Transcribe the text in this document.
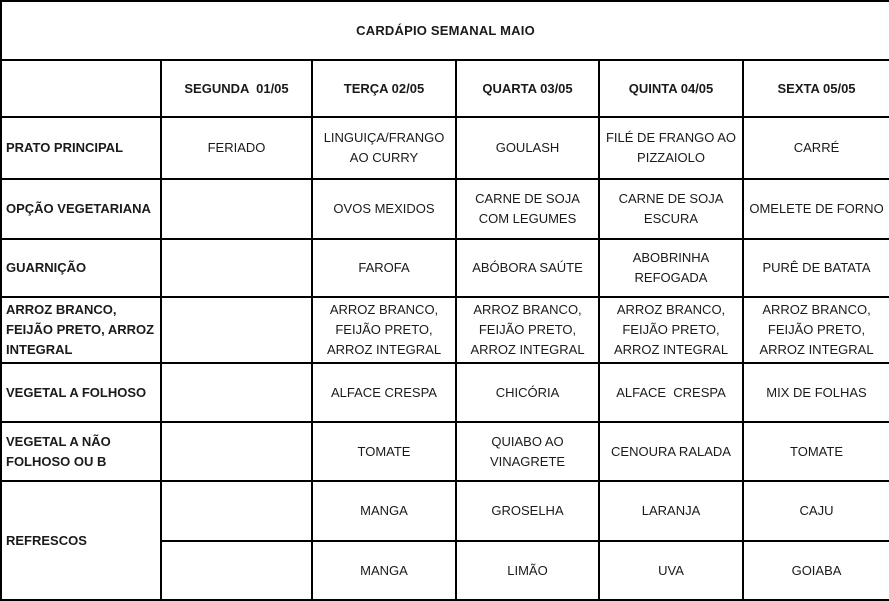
CARDÁPIO SEMANAL MAIO					
	SEGUNDA  01/05	TERÇA 02/05	QUARTA 03/05	QUINTA 04/05	SEXTA 05/05
PRATO PRINCIPAL	FERIADO	LINGUIÇA/FRANGO AO CURRY	GOULASH	FILÉ DE FRANGO AO PIZZAIOLO	CARRÉ
OPÇÃO VEGETARIANA		OVOS MEXIDOS	CARNE DE SOJA COM LEGUMES	CARNE DE SOJA ESCURA	OMELETE DE FORNO
GUARNIÇÃO		FAROFA	ABÓBORA SAÚTE	ABOBRINHA REFOGADA	PURÊ DE BATATA
ARROZ BRANCO, FEIJÃO PRETO, ARROZ INTEGRAL		ARROZ BRANCO, FEIJÃO PRETO, ARROZ INTEGRAL	ARROZ BRANCO, FEIJÃO PRETO, ARROZ INTEGRAL	ARROZ BRANCO, FEIJÃO PRETO, ARROZ INTEGRAL	ARROZ BRANCO, FEIJÃO PRETO, ARROZ INTEGRAL
VEGETAL A FOLHOSO		ALFACE CRESPA	CHICÓRIA	ALFACE  CRESPA	MIX DE FOLHAS
VEGETAL A NÃO FOLHOSO OU B		TOMATE	QUIABO AO VINAGRETE	CENOURA RALADA	TOMATE
REFRESCOS		MANGA	GROSELHA	LARANJA	CAJU
		MANGA	LIMÃO	UVA	GOIABA
